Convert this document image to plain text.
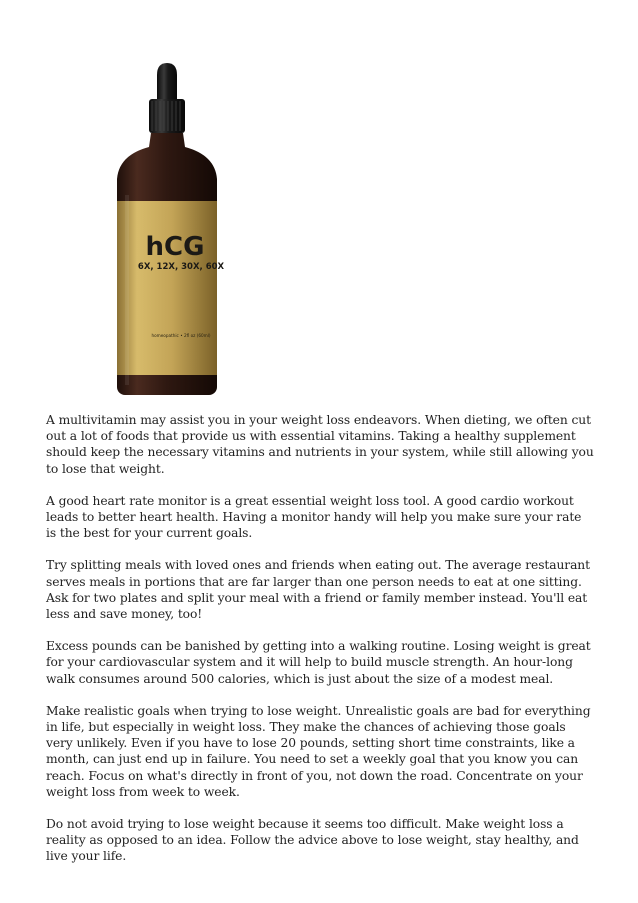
hCG
6X, 12X, 30X, 60X
homeopathic • 2fl oz (60ml)

A multivitamin may assist you in your weight loss endeavors. When dieting, we often cut out a lot of foods that provide us with essential vitamins. Taking a healthy supplement should keep the necessary vitamins and nutrients in your system, while still allowing you to lose that weight.

A good heart rate monitor is a great essential weight loss tool. A good cardio workout leads to better heart health. Having a monitor handy will help you make sure your rate is the best for your current goals.

Try splitting meals with loved ones and friends when eating out. The average restaurant serves meals in portions that are far larger than one person needs to eat at one sitting. Ask for two plates and split your meal with a friend or family member instead. You'll eat less and save money, too!

Excess pounds can be banished by getting into a walking routine. Losing weight is great for your cardiovascular system and it will help to build muscle strength. An hour-long walk consumes around 500 calories, which is just about the size of a modest meal.

Make realistic goals when trying to lose weight. Unrealistic goals are bad for everything in life, but especially in weight loss. They make the chances of achieving those goals very unlikely. Even if you have to lose 20 pounds, setting short time constraints, like a month, can just end up in failure. You need to set a weekly goal that you know you can reach. Focus on what's directly in front of you, not down the road. Concentrate on your weight loss from week to week.

Do not avoid trying to lose weight because it seems too difficult. Make weight loss a reality as opposed to an idea. Follow the advice above to lose weight, stay healthy, and live your life.
